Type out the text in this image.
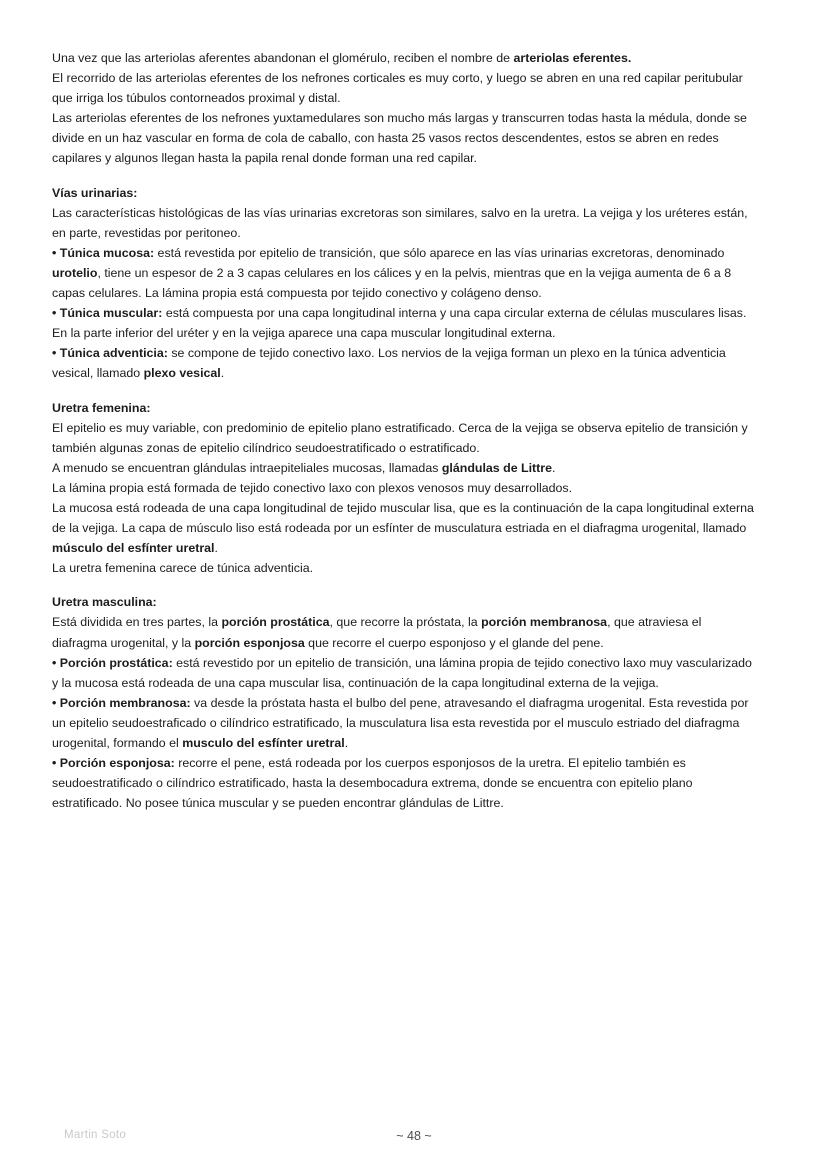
Una vez que las arteriolas aferentes abandonan el glomérulo, reciben el nombre de arteriolas eferentes.

El recorrido de las arteriolas eferentes de los nefrones corticales es muy corto, y luego se abren en una red capilar peritubular que irriga los túbulos contorneados proximal y distal.

Las arteriolas eferentes de los nefrones yuxtamedulares son mucho más largas y transcurren todas hasta la médula, donde se divide en un haz vascular en forma de cola de caballo, con hasta 25 vasos rectos descendentes, estos se abren en redes capilares y algunos llegan hasta la papila renal donde forman una red capilar.

Vías urinarias:

Las características histológicas de las vías urinarias excretoras son similares, salvo en la uretra. La vejiga y los uréteres están, en parte, revestidas por peritoneo.

• Túnica mucosa: está revestida por epitelio de transición, que sólo aparece en las vías urinarias excretoras, denominado urotelio, tiene un espesor de 2 a 3 capas celulares en los cálices y en la pelvis, mientras que en la vejiga aumenta de 6 a 8 capas celulares. La lámina propia está compuesta por tejido conectivo y colágeno denso.

• Túnica muscular: está compuesta por una capa longitudinal interna y una capa circular externa de células musculares lisas. En la parte inferior del uréter y en la vejiga aparece una capa muscular longitudinal externa.

• Túnica adventicia: se compone de tejido conectivo laxo. Los nervios de la vejiga forman un plexo en la túnica adventicia vesical, llamado plexo vesical.

Uretra femenina:

El epitelio es muy variable, con predominio de epitelio plano estratificado. Cerca de la vejiga se observa epitelio de transición y también algunas zonas de epitelio cilíndrico seudoestratificado o estratificado.

A menudo se encuentran glándulas intraepiteliales mucosas, llamadas glándulas de Littre.

La lámina propia está formada de tejido conectivo laxo con plexos venosos muy desarrollados.

La mucosa está rodeada de una capa longitudinal de tejido muscular lisa, que es la continuación de la capa longitudinal externa de la vejiga. La capa de músculo liso está rodeada por un esfínter de musculatura estriada en el diafragma urogenital, llamado músculo del esfínter uretral.

La uretra femenina carece de túnica adventicia.

Uretra masculina:

Está dividida en tres partes, la porción prostática, que recorre la próstata, la porción membranosa, que atraviesa el diafragma urogenital, y la porción esponjosa que recorre el cuerpo esponjoso y el glande del pene.

• Porción prostática: está revestido por un epitelio de transición, una lámina propia de tejido conectivo laxo muy vascularizado y la mucosa está rodeada de una capa muscular lisa, continuación de la capa longitudinal externa de la vejiga.

• Porción membranosa: va desde la próstata hasta el bulbo del pene, atravesando el diafragma urogenital. Esta revestida por un epitelio seudoestraficado o cilíndrico estratificado, la musculatura lisa esta revestida por el musculo estriado del diafragma urogenital, formando el musculo del esfínter uretral.

• Porción esponjosa: recorre el pene, está rodeada por los cuerpos esponjosos de la uretra. El epitelio también es seudoestratificado o cilíndrico estratificado, hasta la desembocadura extrema, donde se encuentra con epitelio plano estratificado. No posee túnica muscular y se pueden encontrar glándulas de Littre.

Martin Soto	~ 48 ~
